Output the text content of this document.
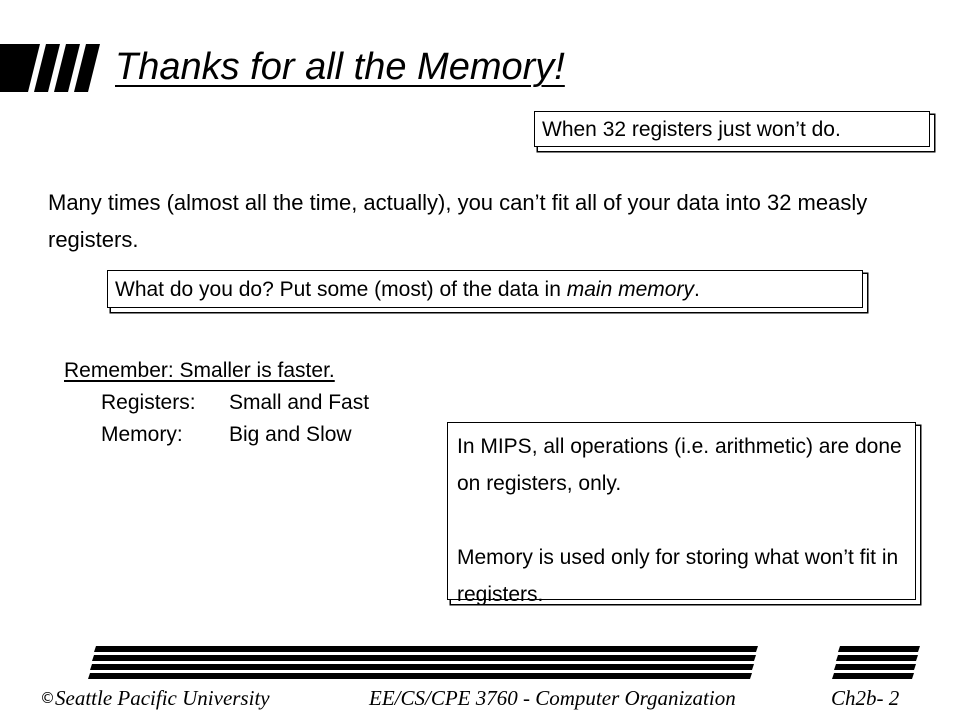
Thanks for all the Memory!
When 32 registers just won’t do.
Many times (almost all the time, actually), you can’t fit all of your data into 32 measly registers.
What do you do? Put some (most) of the data in main memory.
Remember: Smaller is faster.
Registers: Small and Fast
Memory: Big and Slow
In MIPS, all operations (i.e. arithmetic) are done on registers, only.
Memory is used only for storing what won’t fit in registers.
©Seattle Pacific University	EE/CS/CPE 3760 - Computer Organization	Ch2b- 2
